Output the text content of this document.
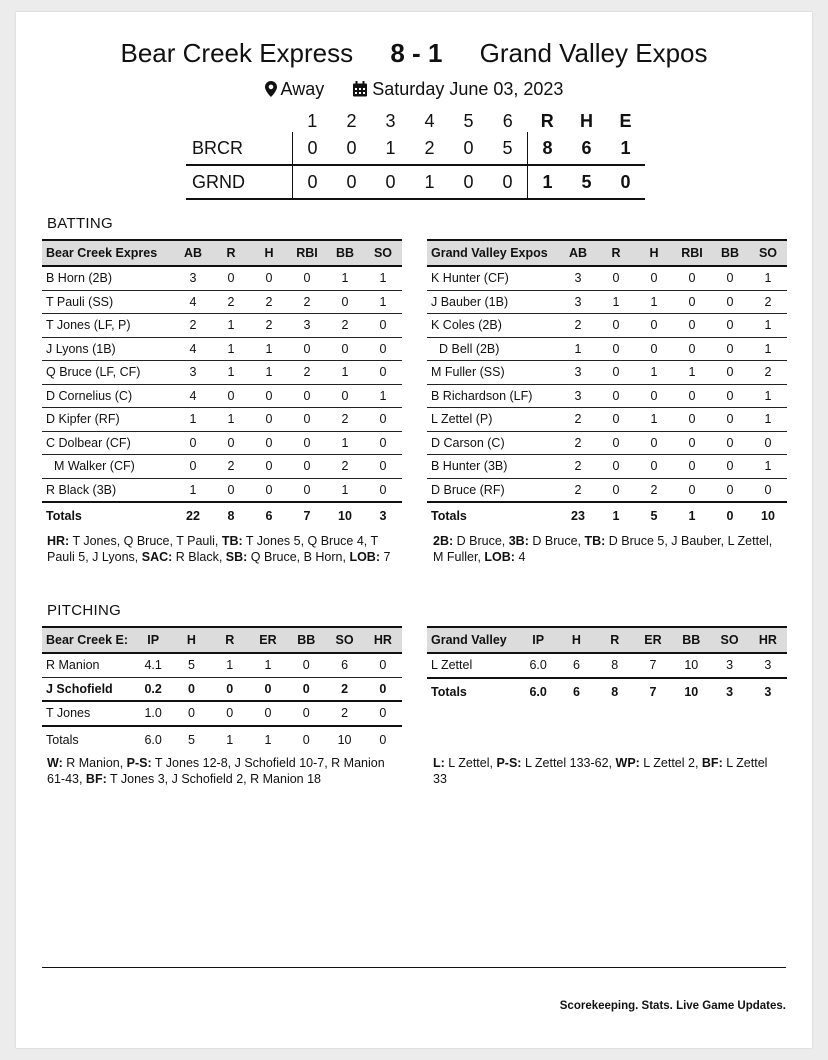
Bear Creek Express 8 - 1 Grand Valley Expos
Away	Saturday June 03, 2023
	1	2	3	4	5	6	R	H	E
BRCR	0	0	1	2	0	5	8	6	1
GRND	0	0	0	1	0	0	1	5	0
BATTING
Bear Creek Expres	AB	R	H	RBI	BB	SO
B Horn (2B)	3	0	0	0	1	1
T Pauli (SS)	4	2	2	2	0	1
T Jones (LF, P)	2	1	2	3	2	0
J Lyons (1B)	4	1	1	0	0	0
Q Bruce (LF, CF)	3	1	1	2	1	0
D Cornelius (C)	4	0	0	0	0	1
D Kipfer (RF)	1	1	0	0	2	0
C Dolbear (CF)	0	0	0	0	1	0
M Walker (CF)	0	2	0	0	2	0
R Black (3B)	1	0	0	0	1	0
Totals	22	8	6	7	10	3
Grand Valley Expos	AB	R	H	RBI	BB	SO
K Hunter (CF)	3	0	0	0	0	1
J Bauber (1B)	3	1	1	0	0	2
K Coles (2B)	2	0	0	0	0	1
D Bell (2B)	1	0	0	0	0	1
M Fuller (SS)	3	0	1	1	0	2
B Richardson (LF)	3	0	0	0	0	1
L Zettel (P)	2	0	1	0	0	1
D Carson (C)	2	0	0	0	0	0
B Hunter (3B)	2	0	0	0	0	1
D Bruce (RF)	2	0	2	0	0	0
Totals	23	1	5	1	0	10
HR: T Jones, Q Bruce, T Pauli, TB: T Jones 5, Q Bruce 4, T Pauli 5, J Lyons, SAC: R Black, SB: Q Bruce, B Horn, LOB: 7
2B: D Bruce, 3B: D Bruce, TB: D Bruce 5, J Bauber, L Zettel, M Fuller, LOB: 4
PITCHING
Bear Creek E:	IP	H	R	ER	BB	SO	HR
R Manion	4.1	5	1	1	0	6	0
J Schofield	0.2	0	0	0	0	2	0
T Jones	1.0	0	0	0	0	2	0
Totals	6.0	5	1	1	0	10	0
Grand Valley	IP	H	R	ER	BB	SO	HR
L Zettel	6.0	6	8	7	10	3	3
Totals	6.0	6	8	7	10	3	3
W: R Manion, P-S: T Jones 12-8, J Schofield 10-7, R Manion 61-43, BF: T Jones 3, J Schofield 2, R Manion 18
L: L Zettel, P-S: L Zettel 133-62, WP: L Zettel 2, BF: L Zettel 33
Scorekeeping. Stats. Live Game Updates.
